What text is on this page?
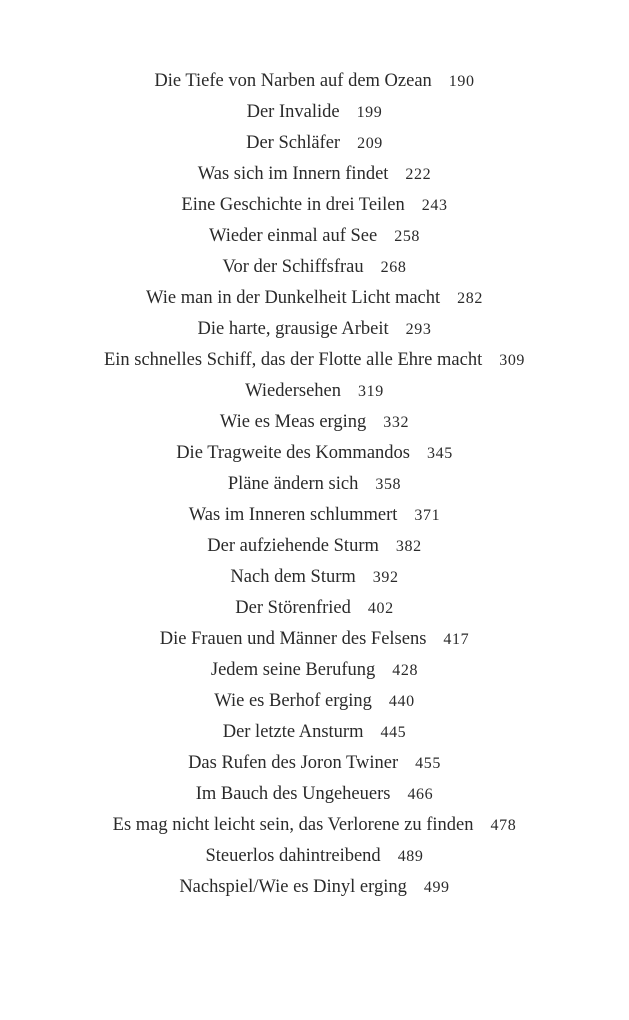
Die Tiefe von Narben auf dem Ozean 190
Der Invalide 199
Der Schläfer 209
Was sich im Innern findet 222
Eine Geschichte in drei Teilen 243
Wieder einmal auf See 258
Vor der Schiffsfrau 268
Wie man in der Dunkelheit Licht macht 282
Die harte, grausige Arbeit 293
Ein schnelles Schiff, das der Flotte alle Ehre macht 309
Wiedersehen 319
Wie es Meas erging 332
Die Tragweite des Kommandos 345
Pläne ändern sich 358
Was im Inneren schlummert 371
Der aufziehende Sturm 382
Nach dem Sturm 392
Der Störenfried 402
Die Frauen und Männer des Felsens 417
Jedem seine Berufung 428
Wie es Berhof erging 440
Der letzte Ansturm 445
Das Rufen des Joron Twiner 455
Im Bauch des Ungeheuers 466
Es mag nicht leicht sein, das Verlorene zu finden 478
Steuerlos dahintreibend 489
Nachspiel/Wie es Dinyl erging 499
